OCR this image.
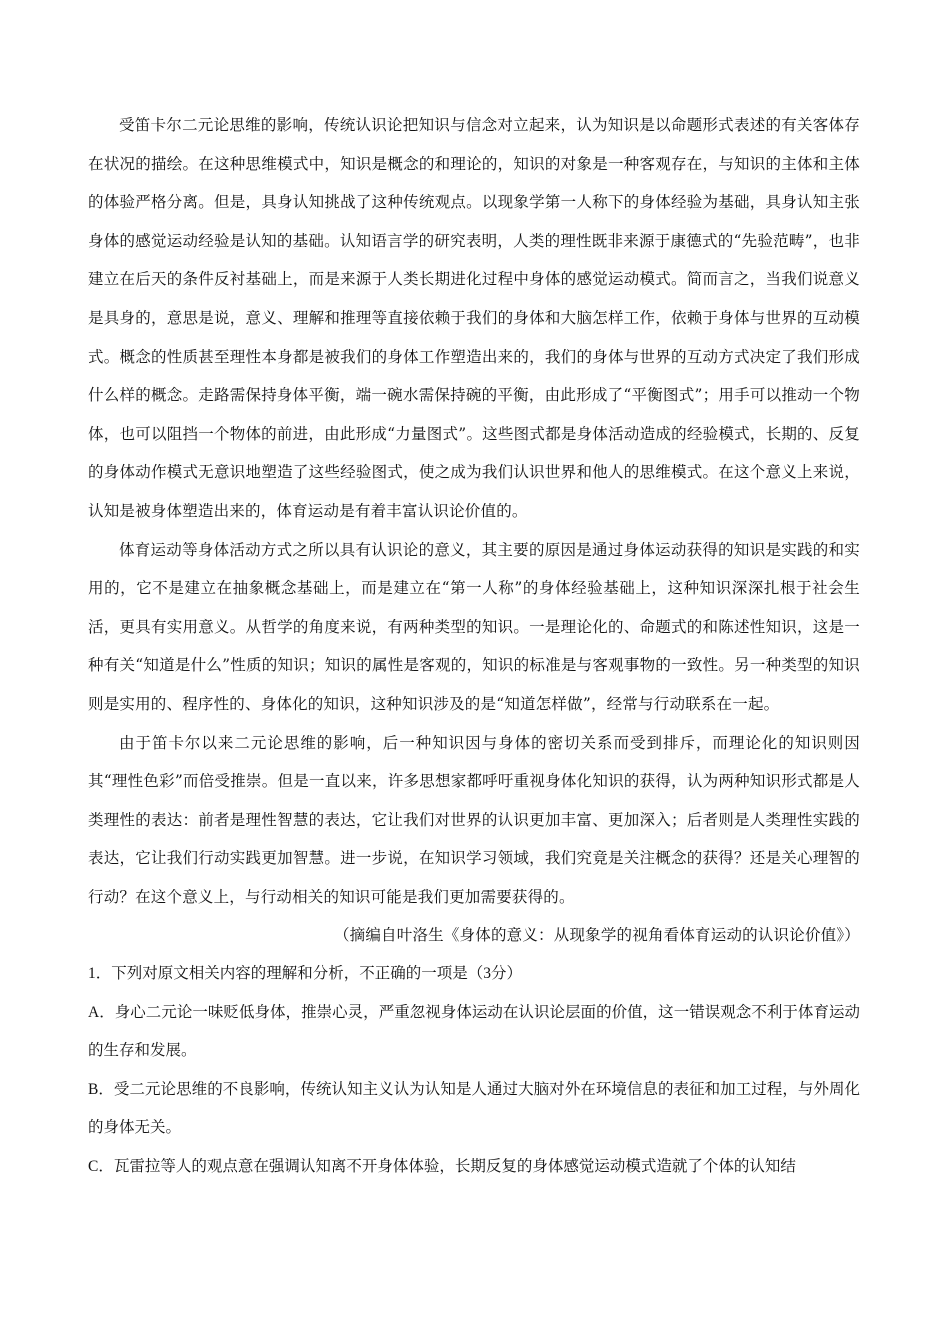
受笛卡尔二元论思维的影响，传统认识论把知识与信念对立起来，认为知识是以命题形式表述的有关客体存在状况的描绘。在这种思维模式中，知识是概念的和理论的，知识的对象是一种客观存在，与知识的主体和主体的体验严格分离。但是，具身认知挑战了这种传统观点。以现象学第一人称下的身体经验为基础，具身认知主张身体的感觉运动经验是认知的基础。认知语言学的研究表明，人类的理性既非来源于康德式的“先验范畴”，也非建立在后天的条件反衬基础上，而是来源于人类长期进化过程中身体的感觉运动模式。简而言之，当我们说意义是具身的，意思是说，意义、理解和推理等直接依赖于我们的身体和大脑怎样工作，依赖于身体与世界的互动模式。概念的性质甚至理性本身都是被我们的身体工作塑造出来的，我们的身体与世界的互动方式决定了我们形成什么样的概念。走路需保持身体平衡，端一碗水需保持碗的平衡，由此形成了“平衡图式”；用手可以推动一个物体，也可以阻挡一个物体的前进，由此形成“力量图式”。这些图式都是身体活动造成的经验模式，长期的、反复的身体动作模式无意识地塑造了这些经验图式，使之成为我们认识世界和他人的思维模式。在这个意义上来说，认知是被身体塑造出来的，体育运动是有着丰富认识论价值的。

体育运动等身体活动方式之所以具有认识论的意义，其主要的原因是通过身体运动获得的知识是实践的和实用的，它不是建立在抽象概念基础上，而是建立在“第一人称”的身体经验基础上，这种知识深深扎根于社会生活，更具有实用意义。从哲学的角度来说，有两种类型的知识。一是理论化的、命题式的和陈述性知识，这是一种有关“知道是什么”性质的知识；知识的属性是客观的，知识的标准是与客观事物的一致性。另一种类型的知识则是实用的、程序性的、身体化的知识，这种知识涉及的是“知道怎样做”，经常与行动联系在一起。

由于笛卡尔以来二元论思维的影响，后一种知识因与身体的密切关系而受到排斥，而理论化的知识则因其“理性色彩”而倍受推崇。但是一直以来，许多思想家都呼吁重视身体化知识的获得，认为两种知识形式都是人类理性的表达：前者是理性智慧的表达，它让我们对世界的认识更加丰富、更加深入；后者则是人类理性实践的表达，它让我们行动实践更加智慧。进一步说，在知识学习领域，我们究竟是关注概念的获得？还是关心理智的行动？在这个意义上，与行动相关的知识可能是我们更加需要获得的。

（摘编自叶洛生《身体的意义：从现象学的视角看体育运动的认识论价值》）

1．下列对原文相关内容的理解和分析，不正确的一项是（3分）

A．身心二元论一味贬低身体，推崇心灵，严重忽视身体运动在认识论层面的价值，这一错误观念不利于体育运动的生存和发展。

B．受二元论思维的不良影响，传统认知主义认为认知是人通过大脑对外在环境信息的表征和加工过程，与外周化的身体无关。

C．瓦雷拉等人的观点意在强调认知离不开身体体验，长期反复的身体感觉运动模式造就了个体的认知结
